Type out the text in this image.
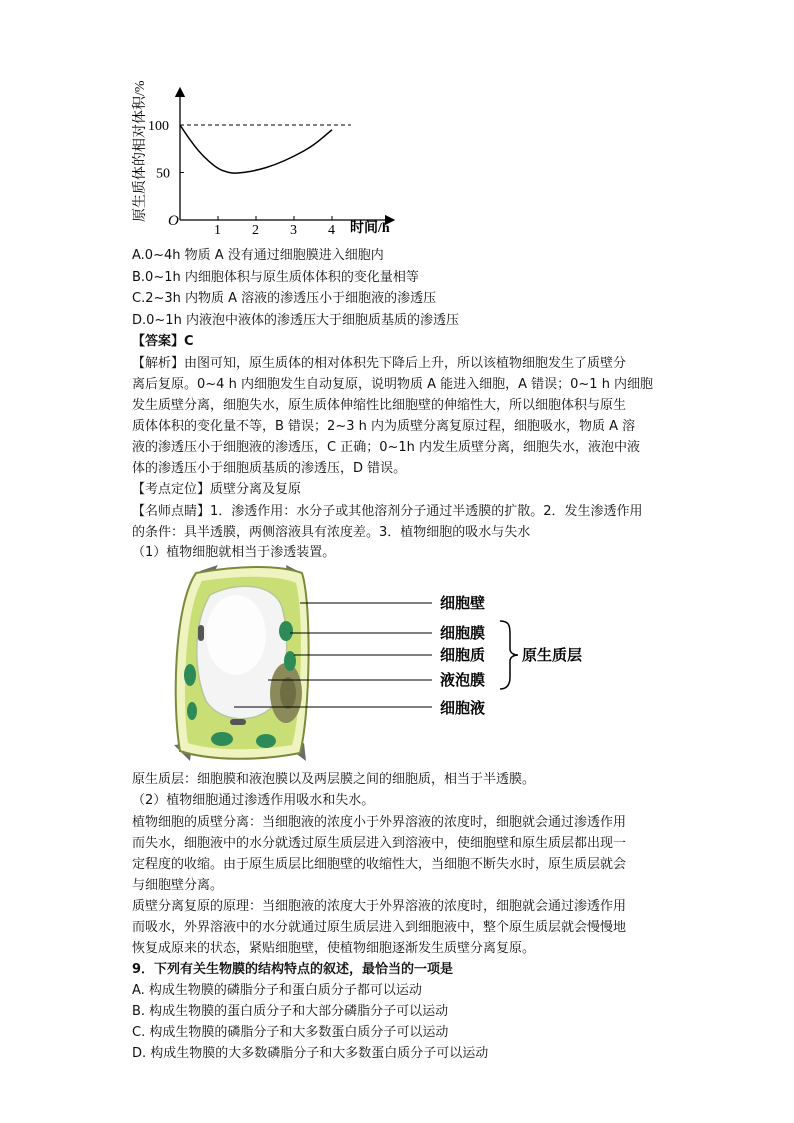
原生质体的相对体积/% O	时间/h
1 2 3 4
50
100
A.0~4h 物质 A 没有通过细胞膜进入细胞内
B.0~1h 内细胞体积与原生质体体积的变化量相等
C.2~3h 内物质 A 溶液的渗透压小于细胞液的渗透压
D.0~1h 内液泡中液体的渗透压大于细胞质基质的渗透压
【答案】C
【解析】由图可知，原生质体的相对体积先下降后上升，所以该植物细胞发生了质壁分
离后复原。0~4 h 内细胞发生自动复原，说明物质 A 能进入细胞，A 错误；0~1 h 内细胞
发生质壁分离，细胞失水，原生质体伸缩性比细胞壁的伸缩性大，所以细胞体积与原生
质体体积的变化量不等，B 错误；2~3 h 内为质壁分离复原过程，细胞吸水，物质 A 溶
液的渗透压小于细胞液的渗透压，C 正确；0~1h 内发生质壁分离，细胞失水，液泡中液
体的渗透压小于细胞质基质的渗透压，D 错误。
【考点定位】质壁分离及复原
【名师点睛】1．渗透作用：水分子或其他溶剂分子通过半透膜的扩散。2．发生渗透作用
的条件：具半透膜，两侧溶液具有浓度差。3．植物细胞的吸水与失水
（1）植物细胞就相当于渗透装置。
细胞壁
细胞膜
细胞质
液泡膜
细胞液
原生质层
原生质层：细胞膜和液泡膜以及两层膜之间的细胞质，相当于半透膜。
（2）植物细胞通过渗透作用吸水和失水。
植物细胞的质壁分离：当细胞液的浓度小于外界溶液的浓度时，细胞就会通过渗透作用
而失水，细胞液中的水分就透过原生质层进入到溶液中，使细胞壁和原生质层都出现一
定程度的收缩。由于原生质层比细胞壁的收缩性大，当细胞不断失水时，原生质层就会
与细胞壁分离。
质壁分离复原的原理：当细胞液的浓度大于外界溶液的浓度时，细胞就会通过渗透作用
而吸水，外界溶液中的水分就通过原生质层进入到细胞液中，整个原生质层就会慢慢地
恢复成原来的状态，紧贴细胞壁，使植物细胞逐渐发生质壁分离复原。
9．下列有关生物膜的结构特点的叙述，最恰当的一项是
A. 构成生物膜的磷脂分子和蛋白质分子都可以运动
B. 构成生物膜的蛋白质分子和大部分磷脂分子可以运动
C. 构成生物膜的磷脂分子和大多数蛋白质分子可以运动
D. 构成生物膜的大多数磷脂分子和大多数蛋白质分子可以运动
